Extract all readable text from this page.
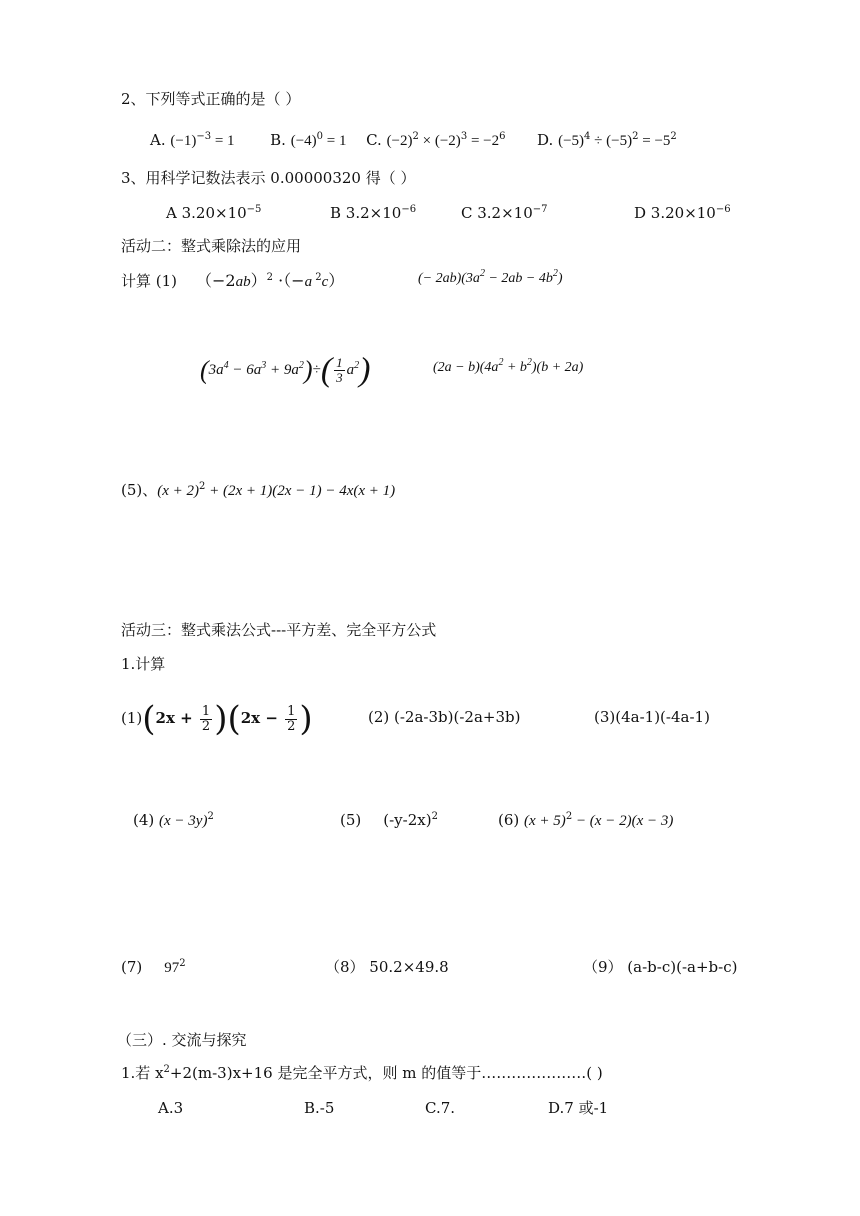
2、下列等式正确的是（ ）
A. $(-1)^{-3} = 1$ B. $(-4)^0 = 1$ C. $(-2)^2 \times (-2)^3 = -2^6$ D. $(-5)^4 \div (-5)^2 = -5^2$
3、用科学记数法表示 0.00000320 得（ ）
A $3.20\times 10^{-5}$	B $3.2\times 10^{-6}$	C $3.2\times 10^{-7}$	D $3.20\times 10^{-6}$
活动二：整式乘除法的应用
计算 (1) $(-2ab)^2 \cdot(-a$ $^2$c）	(− $2ab)(3a^2 - 2ab - 4b^2)$
$(3a^4 - 6a^3 + 9a^2)\div( \frac{1}{3} a^2)$	$(2a - b)(4a^2 + b^2)(b + 2a)$
(5)、$(x + 2)^2 + (2x + 1)(2x - 1) - 4x(x + 1)$
活动三：整式乘法公式---平方差、完全平方公式
1.计算
$(1)(2x + \frac{1}{2} )(2x - \frac{1}{2}$ )	(2) (-2a-3b)(-2a+3b)	(3)(4a-1)(-4a-1)
(4) $(x - 3y)^2$	(5) $(-y-2x)^2$	(6) $(x + 5)^2 - (x - 2)(x - 3)$
(7) $97^2$	（8） 50.2×49.8	（9） (a-b-c)(-a+b-c)
（三）. 交流与探究
1.若 $x^2+2(m-3)x+16$ 是完全平方式，则 m 的值等于…………………( )
A.3	B.-5	C.7.	D.7 或-1
